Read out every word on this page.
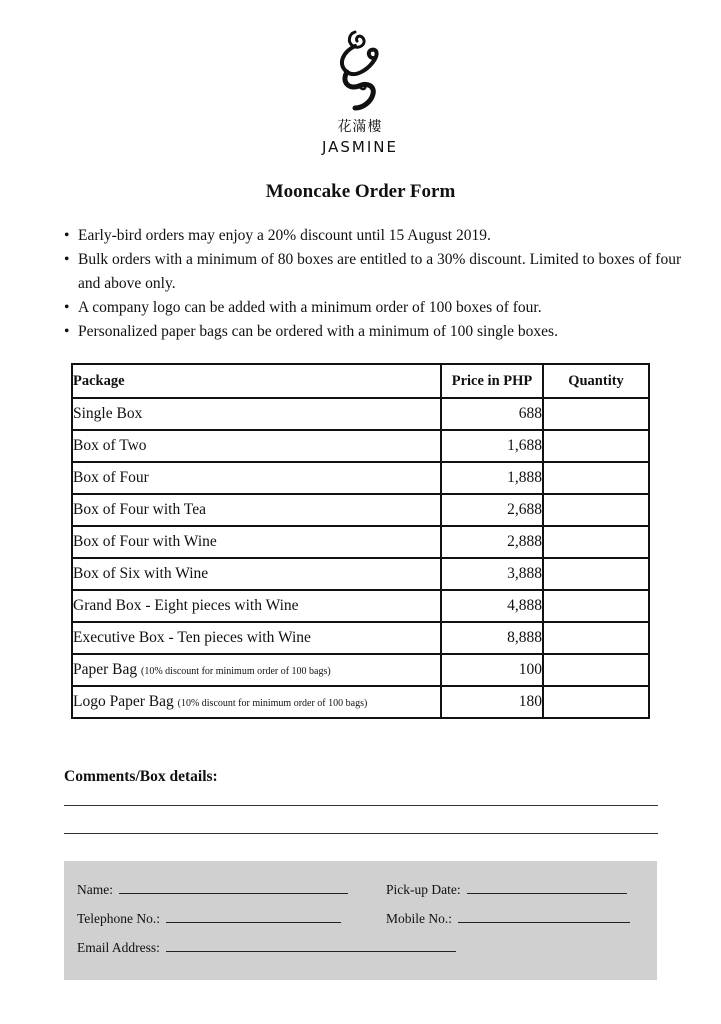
花滿樓
JASMINE
Mooncake Order Form
• Early-bird orders may enjoy a 20% discount until 15 August 2019.
• Bulk orders with a minimum of 80 boxes are entitled to a 30% discount. Limited to boxes of four and above only.
• A company logo can be added with a minimum order of 100 boxes of four.
• Personalized paper bags can be ordered with a minimum of 100 single boxes.
Package	Price in PHP	Quantity
Single Box	688	
Box of Two	1,688	
Box of Four	1,888	
Box of Four with Tea	2,688	
Box of Four with Wine	2,888	
Box of Six with Wine	3,888	
Grand Box - Eight pieces with Wine	4,888	
Executive Box - Ten pieces with Wine	8,888	
Paper Bag (10% discount for minimum order of 100 bags)	100	
Logo Paper Bag (10% discount for minimum order of 100 bags)	180	
Comments/Box details:
Name:	Pick-up Date:
Telephone No.:	Mobile No.:
Email Address:
